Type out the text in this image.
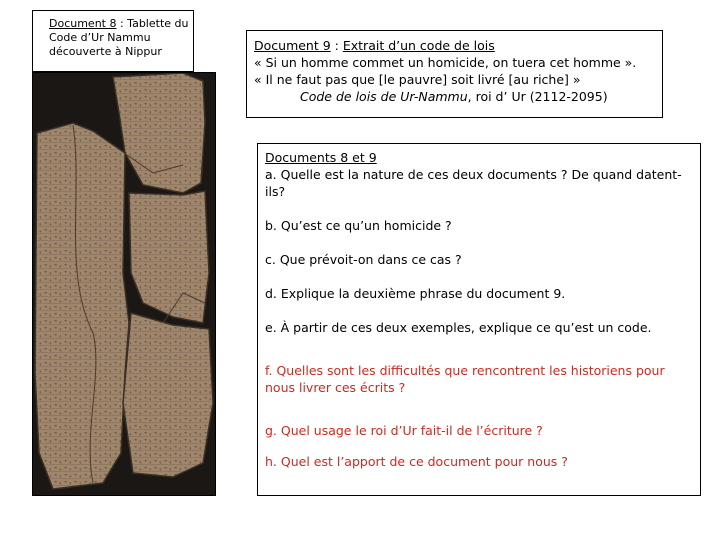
Document 8 : Tablette du Code d’Ur Nammu découverte à Nippur	Document 9 : Extrait d’un code de lois
« Si un homme commet un homicide, on tuera cet homme ».
« Il ne faut pas que [le pauvre] soit livré [au riche] »
Code de lois de Ur-Nammu, roi d’ Ur (2112-2095)
Documents 8 et 9
a. Quelle est la nature de ces deux documents ? De quand datent-ils?
b. Qu’est ce qu’un homicide ?
c. Que prévoit-on dans ce cas ?
d. Explique la deuxième phrase du document 9.
e. À partir de ces deux exemples, explique ce qu’est un code.
f. Quelles sont les difficultés que rencontrent les historiens pour nous livrer ces écrits ?
g. Quel usage le roi d’Ur fait-il de l’écriture ?
h. Quel est l’apport de ce document pour nous ?
